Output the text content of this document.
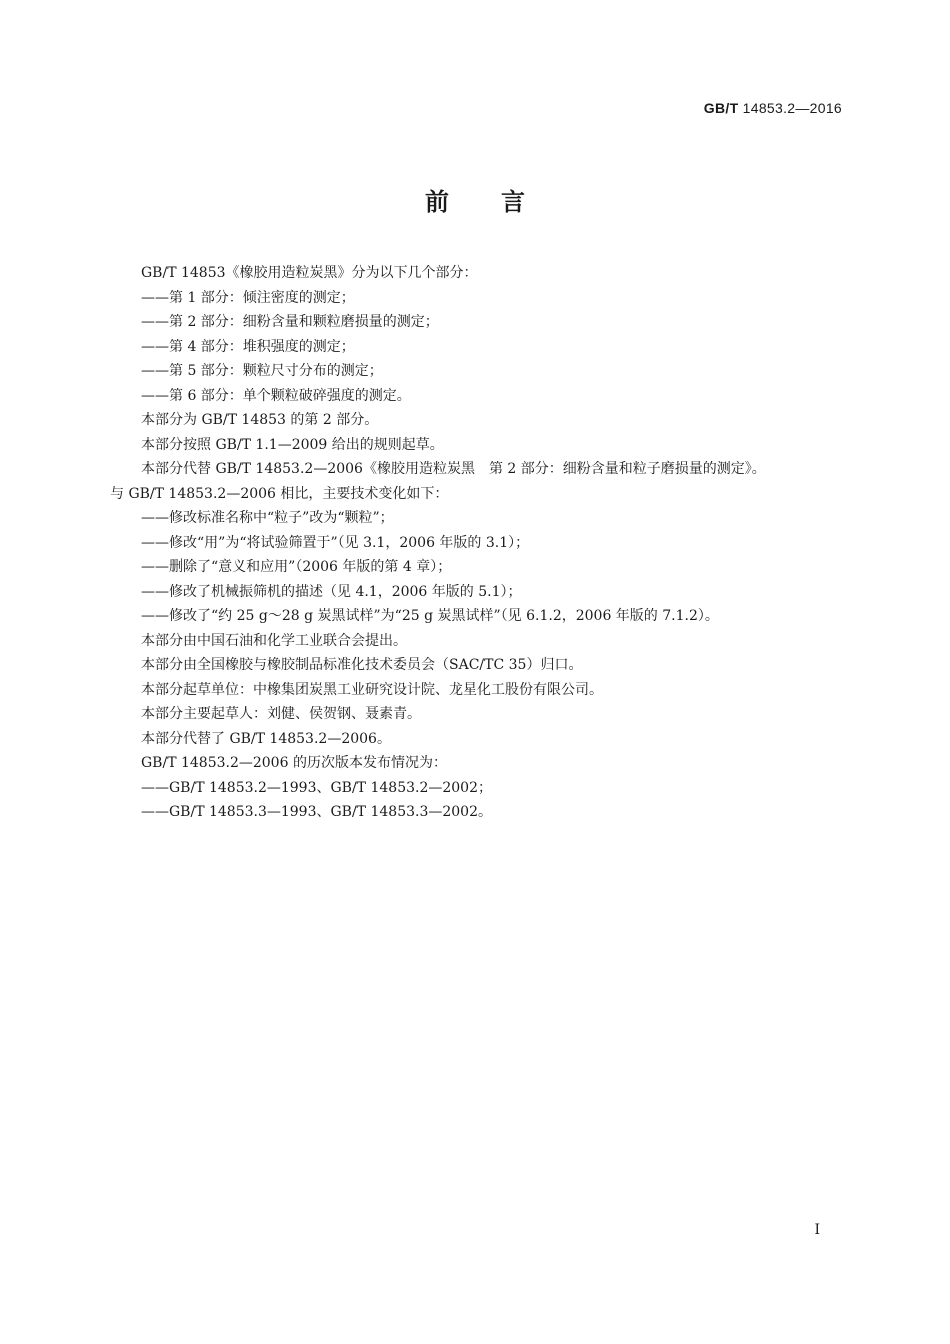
GB/T 14853.2—2016
前言
GB/T 14853《橡胶用造粒炭黑》分为以下几个部分：
——第 1 部分：倾注密度的测定；
——第 2 部分：细粉含量和颗粒磨损量的测定；
——第 4 部分：堆积强度的测定；
——第 5 部分：颗粒尺寸分布的测定；
——第 6 部分：单个颗粒破碎强度的测定。
本部分为 GB/T 14853 的第 2 部分。
本部分按照 GB/T 1.1—2009 给出的规则起草。
本部分代替 GB/T 14853.2—2006《橡胶用造粒炭黑　第 2 部分：细粉含量和粒子磨损量的测定》。
与 GB/T 14853.2—2006 相比，主要技术变化如下：
——修改标准名称中“粒子”改为“颗粒”；
——修改“用”为“将试验筛置于”（见 3.1，2006 年版的 3.1）；
——删除了“意义和应用”（2006 年版的第 4 章）；
——修改了机械振筛机的描述（见 4.1，2006 年版的 5.1）；
——修改了“约 25 g～28 g 炭黑试样”为“25 g 炭黑试样”（见 6.1.2，2006 年版的 7.1.2）。
本部分由中国石油和化学工业联合会提出。
本部分由全国橡胶与橡胶制品标准化技术委员会（SAC/TC 35）归口。
本部分起草单位：中橡集团炭黑工业研究设计院、龙星化工股份有限公司。
本部分主要起草人：刘健、侯贺钢、聂素青。
本部分代替了 GB/T 14853.2—2006。
GB/T 14853.2—2006 的历次版本发布情况为：
——GB/T 14853.2—1993、GB/T 14853.2—2002；
——GB/T 14853.3—1993、GB/T 14853.3—2002。
I
